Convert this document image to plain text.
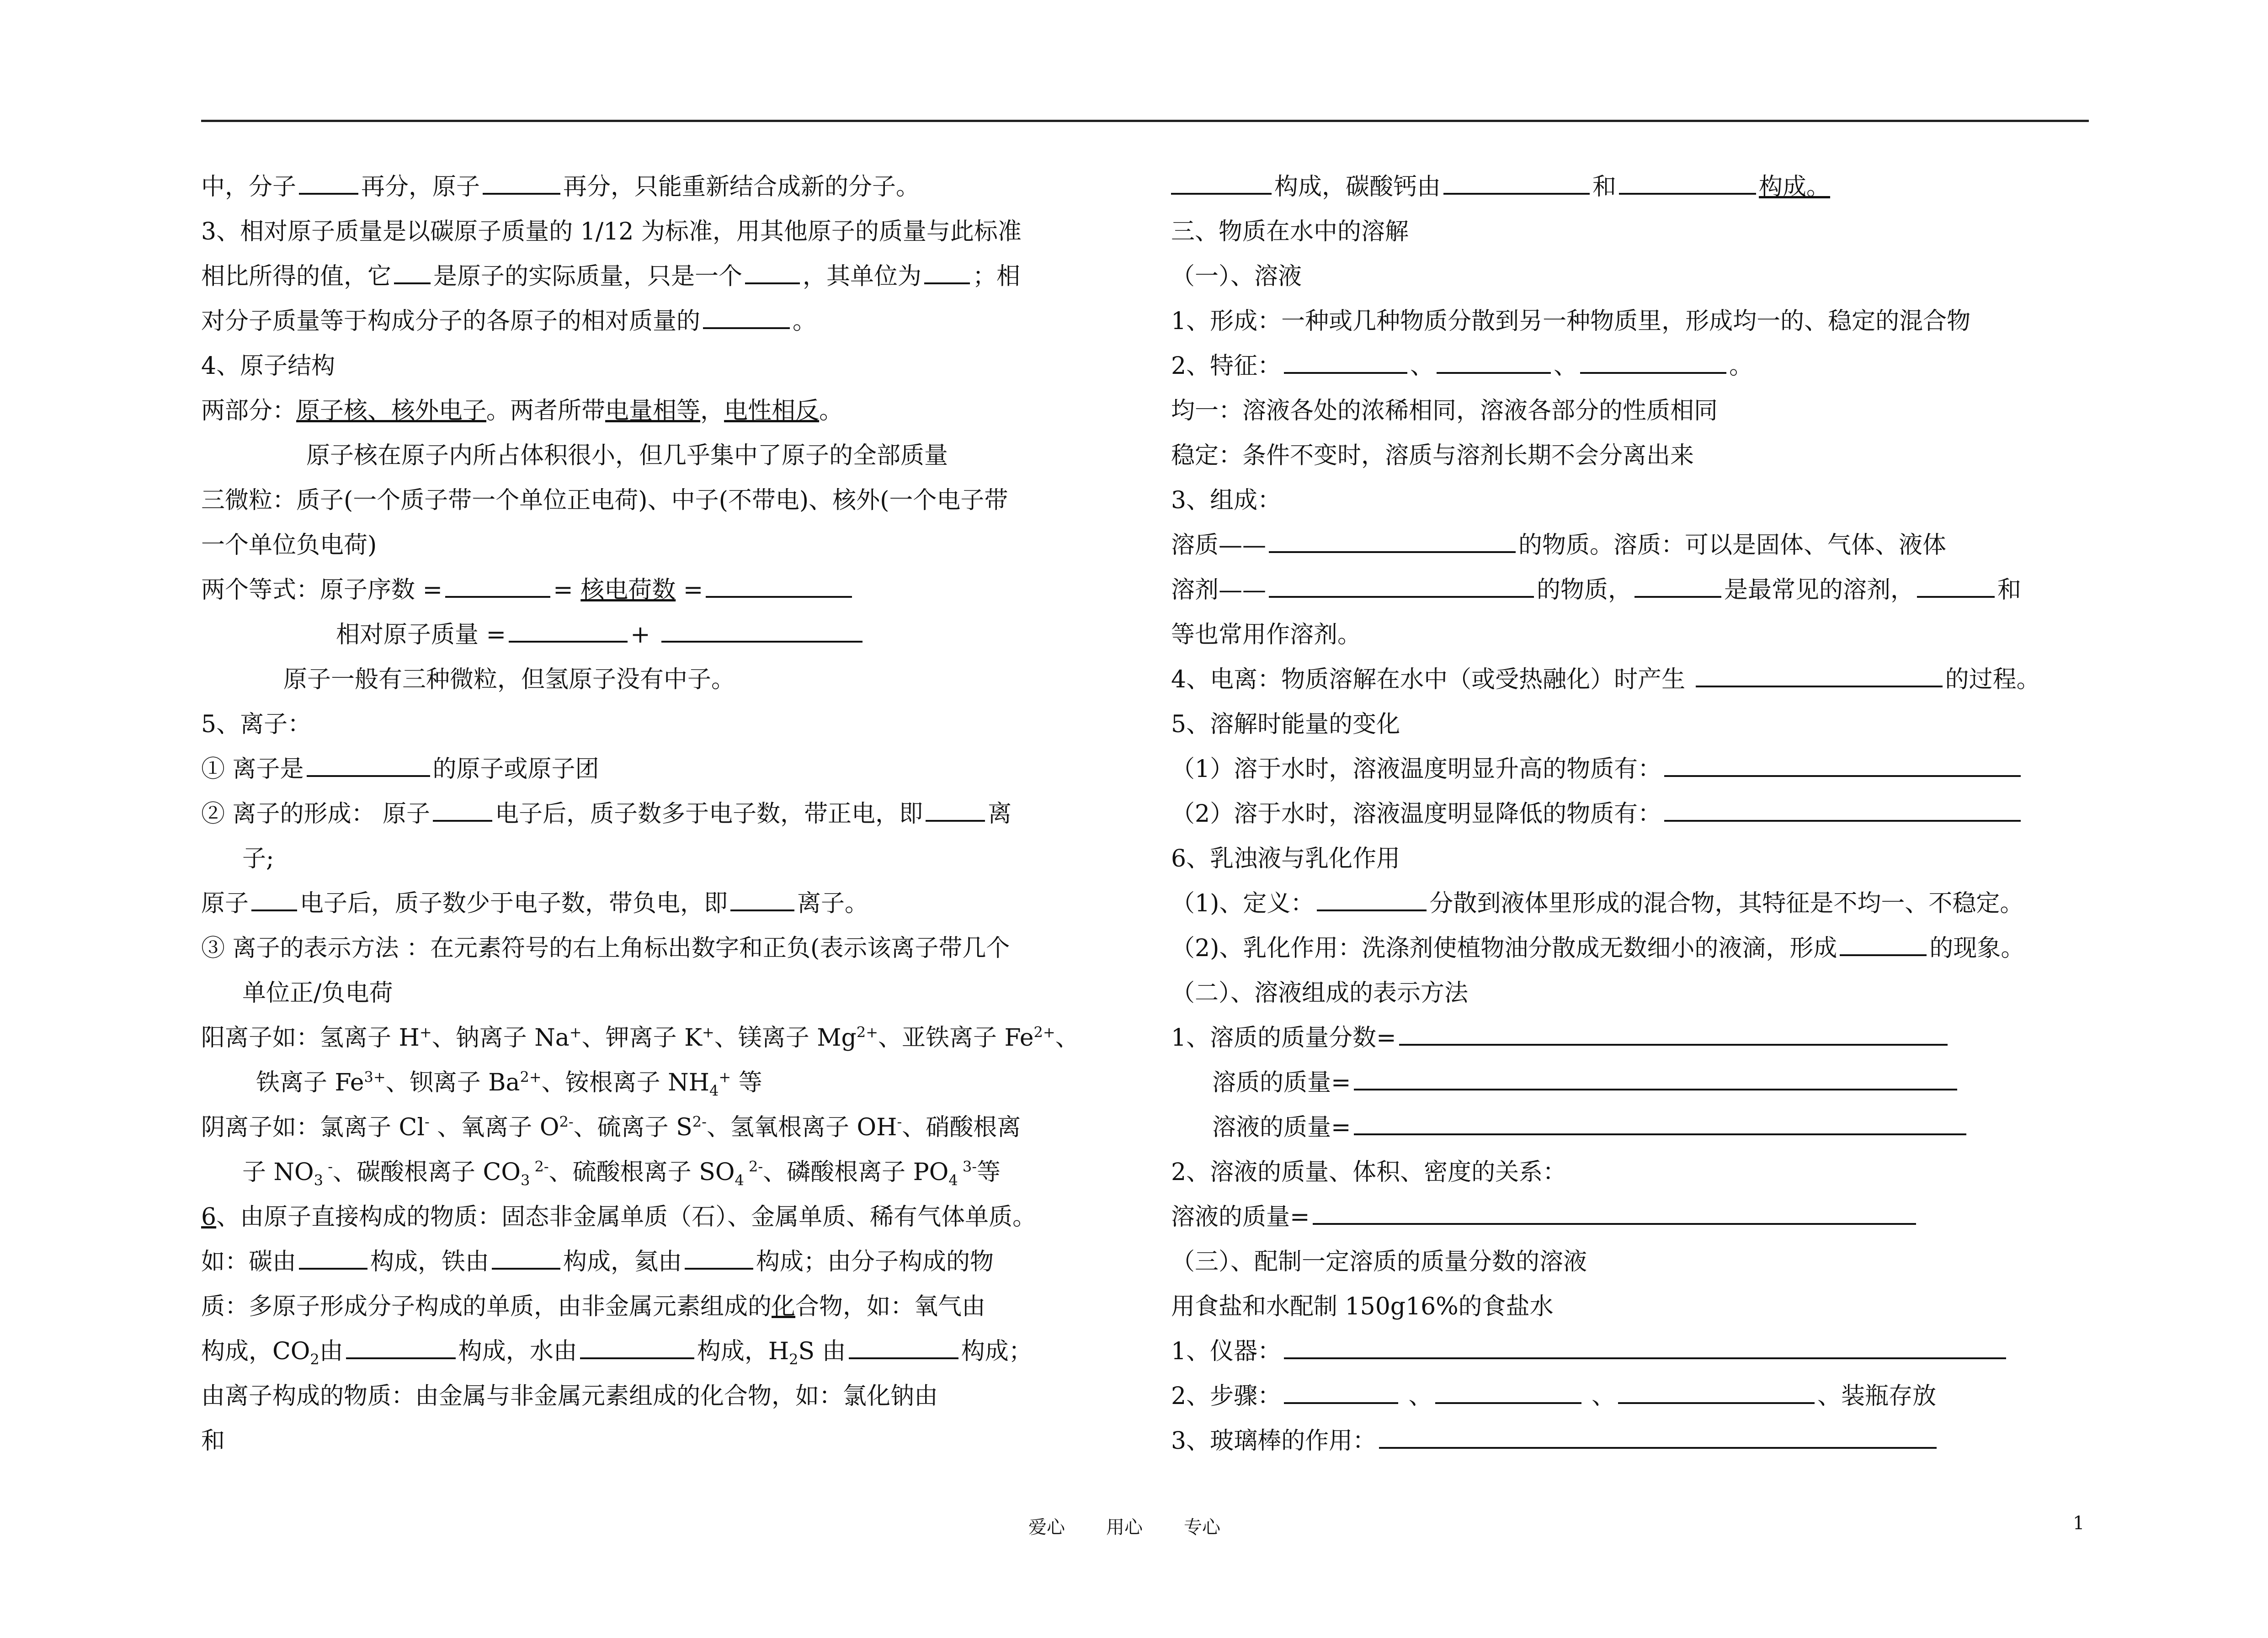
中，分子	再分，原子	再分，只能重新结合成新的分子。
3、相对原子质量是以碳原子质量的 1/12 为标准，用其他原子的质量与此标准
相比所得的值，它 是原子的实际质量，只是一个	，其单位为 ；相
对分子质量等于构成分子的各原子的相对质量的	。
4、原子结构
两部分：原子核、核外电子。两者所带电量相等，电性相反。
原子核在原子内所占体积很小，但几乎集中了原子的全部质量
三微粒：质子(一个质子带一个单位正电荷)、中子(不带电)、核外(一个电子带
一个单位负电荷)
两个等式：原子序数 =	= 核电荷数 =
相对原子质量 =	+
原子一般有三种微粒，但氢原子没有中子。
5、离子：
① 离子是	的原子或原子团
② 离子的形成： 原子	电子后，质子数多于电子数，带正电，即	离
子;
原子 电子后，质子数少于电子数，带负电，即	离子。
③ 离子的表示方法 ：在元素符号的右上角标出数字和正负(表示该离子带几个
单位正/负电荷
阳离子如：氢离子 H+、钠离子 Na+、钾离子 K+、镁离子 $Mg^{2+}$、亚铁离子 $Fe^{2+}$、
铁离子 $Fe^{3+}$、钡离子 $Ba^{2+}$、铵根离子 $NH_4^+$ 等
阴离子如：氯离子 Cl- 、氧离子 $O^{2-}$、硫离子 $S^{2-}$、氢氧根离子 OH-、硝酸根离
子 $NO_3$ -、碳酸根离子 $CO_3$ $^{2-}$、硫酸根离子 $SO_4$ $^{2-}$、磷酸根离子 $PO_4$ $^{3-}$等
6、由原子直接构成的物质：固态非金属单质（石）、金属单质、稀有气体单质。
如：碳由	构成，铁由	构成，氦由	构成；由分子构成的物
质：多原子形成分子构成的单质，由非金属元素组成的化合物，如：氧气由
构成，$CO_2$由	构成，水由	构成，$H_2S$ 由	构成；
由离子构成的物质：由金属与非金属元素组成的化合物，如：氯化钠由
和
构成，碳酸钙由	和	构成。
三、物质在水中的溶解
（一）、溶液
1、形成：一种或几种物质分散到另一种物质里，形成均一的、稳定的混合物
2、特征：	、	、	。
均一：溶液各处的浓稀相同，溶液各部分的性质相同
稳定：条件不变时，溶质与溶剂长期不会分离出来
3、组成：
溶质——	的物质。溶质：可以是固体、气体、液体
溶剂——	的物质，	是最常见的溶剂，	和
等也常用作溶剂。
4、电离：物质溶解在水中（或受热融化）时产生	的过程。
5、溶解时能量的变化
（1）溶于水时，溶液温度明显升高的物质有：
（2）溶于水时，溶液温度明显降低的物质有：
6、乳浊液与乳化作用
（1)、定义：	分散到液体里形成的混合物，其特征是不均一、不稳定。
（2)、乳化作用：洗涤剂使植物油分散成无数细小的液滴，形成	的现象。
（二）、溶液组成的表示方法
1、溶质的质量分数=
溶质的质量=
溶液的质量=
2、溶液的质量、体积、密度的关系：
溶液的质量=
（三）、配制一定溶质的质量分数的溶液
用食盐和水配制 150g16%的食盐水
1、仪器：
2、步骤：	、	、	、装瓶存放
3、玻璃棒的作用：
爱心 用心 专心	1
